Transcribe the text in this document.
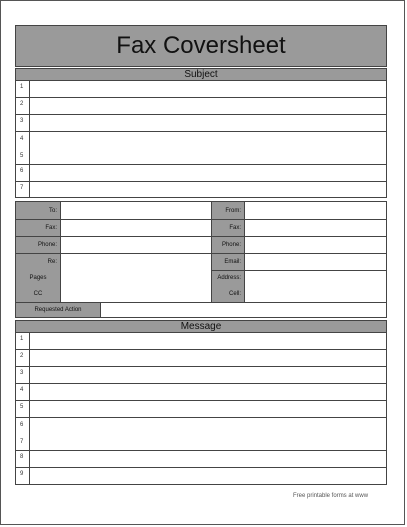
Fax Coversheet
Subject
1
2
3
4
5
6
7
To:
Fax:
Phone:
Re:
Pages
CC
Requested Action
From:
Fax:
Phone:
Email:
Address:
Cell:
Message
1
2
3
4
5
6
7
8
9
Free printable forms at www
